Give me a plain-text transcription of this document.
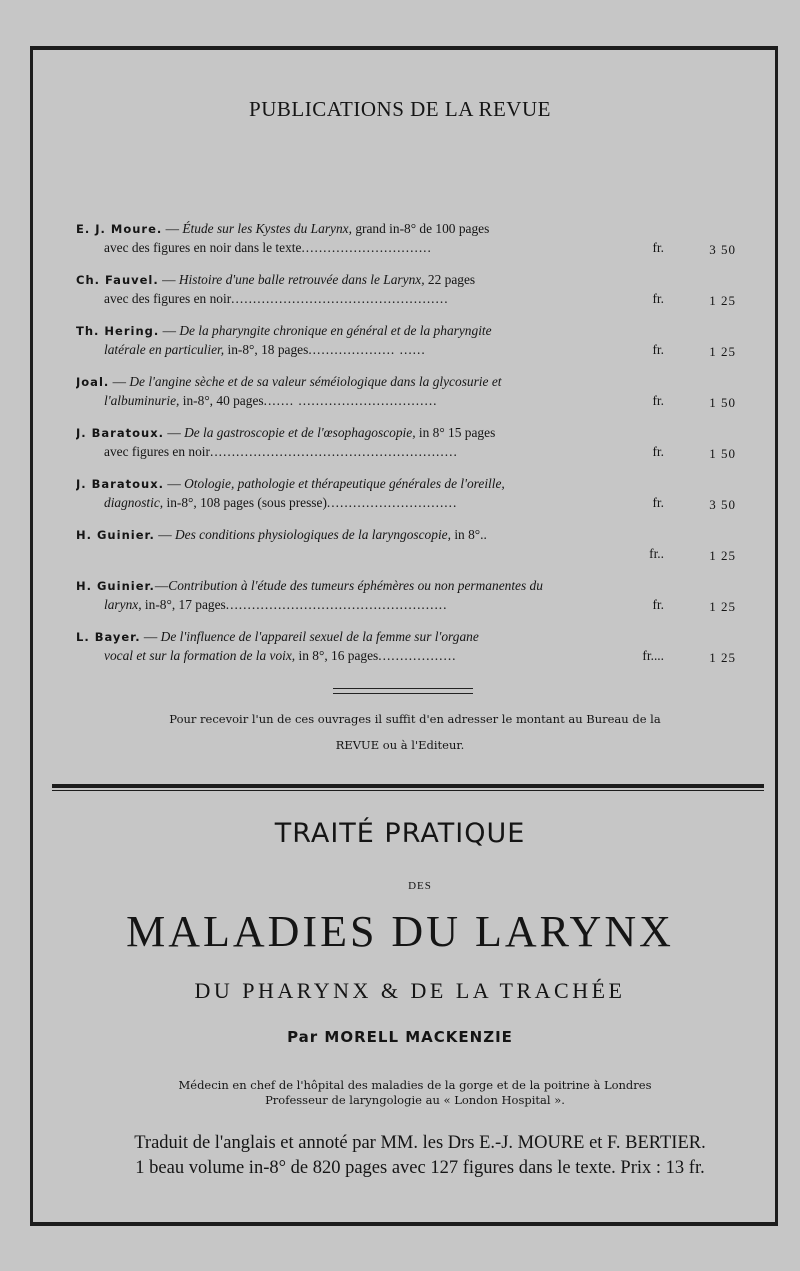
PUBLICATIONS DE LA REVUE
E. J. Moure. — Étude sur les Kystes du Larynx, grand in-8° de 100 pages
avec des figures en noir dans le texte..............................	fr.	3 50
Ch. Fauvel. — Histoire d'une balle retrouvée dans le Larynx, 22 pages
avec des figures en noir..................................................	fr.	1 25
Th. Hering. — De la pharyngite chronique en général et de la pharyngite
latérale en particulier, in-8°, 18 pages.................... ......	fr.	1 25
Joal. — De l'angine sèche et de sa valeur séméiologique dans la glycosurie et
l'albuminurie, in-8°, 40 pages....... ................................	fr.	1 50
J. Baratoux. — De la gastroscopie et de l'œsophagoscopie, in 8° 15 pages
avec figures en noir.........................................................	fr.	1 50
J. Baratoux. — Otologie, pathologie et thérapeutique générales de l'oreille,
diagnostic, in-8°, 108 pages (sous presse)..............................	fr.	3 50
H. Guinier. — Des conditions physiologiques de la laryngoscopie, in 8°..
fr..	1 25
H. Guinier.—Contribution à l'étude des tumeurs éphémères ou non permanentes du
larynx, in-8°, 17 pages...................................................	fr.	1 25
L. Bayer. — De l'influence de l'appareil sexuel de la femme sur l'organe
vocal et sur la formation de la voix, in 8°, 16 pages..................	fr....	1 25
Pour recevoir l'un de ces ouvrages il suffit d'en adresser le montant au Bureau de la
REVUE ou à l'Editeur.
TRAITÉ PRATIQUE
DES
MALADIES DU LARYNX
DU PHARYNX & DE LA TRACHÉE
Par MORELL MACKENZIE
Médecin en chef de l'hôpital des maladies de la gorge et de la poitrine à Londres
Professeur de laryngologie au « London Hospital ».
Traduit de l'anglais et annoté par MM. les Drs E.-J. MOURE et F. BERTIER.
1 beau volume in-8° de 820 pages avec 127 figures dans le texte. Prix : 13 fr.
